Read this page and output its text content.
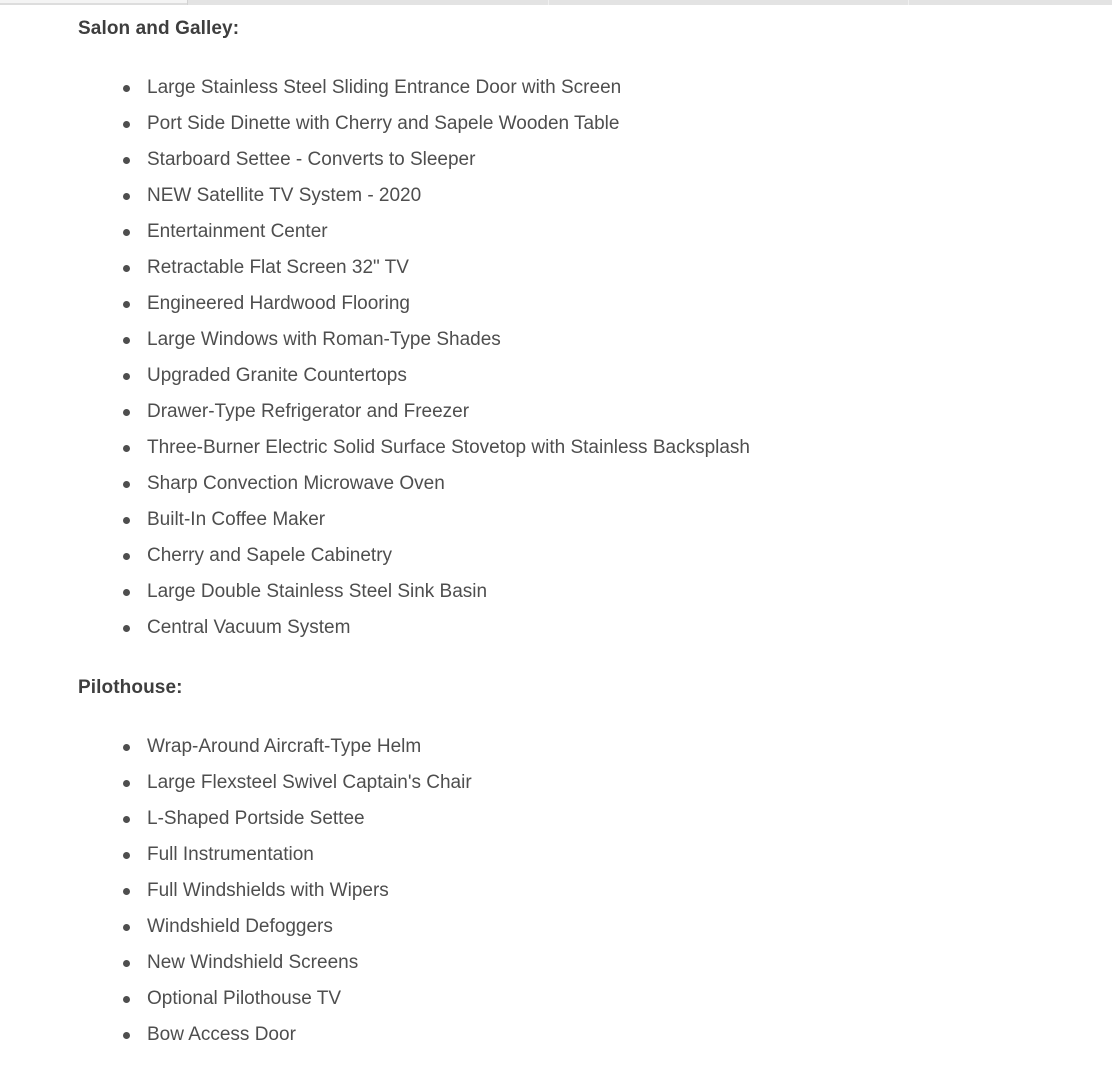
Salon and Galley:
Large Stainless Steel Sliding Entrance Door with Screen
Port Side Dinette with Cherry and Sapele Wooden Table
Starboard Settee - Converts to Sleeper
NEW Satellite TV System - 2020
Entertainment Center
Retractable Flat Screen 32" TV
Engineered Hardwood Flooring
Large Windows with Roman-Type Shades
Upgraded Granite Countertops
Drawer-Type Refrigerator and Freezer
Three-Burner Electric Solid Surface Stovetop with Stainless Backsplash
Sharp Convection Microwave Oven
Built-In Coffee Maker
Cherry and Sapele Cabinetry
Large Double Stainless Steel Sink Basin
Central Vacuum System
Pilothouse:
Wrap-Around Aircraft-Type Helm
Large Flexsteel Swivel Captain's Chair
L-Shaped Portside Settee
Full Instrumentation
Full Windshields with Wipers
Windshield Defoggers
New Windshield Screens
Optional Pilothouse TV
Bow Access Door
